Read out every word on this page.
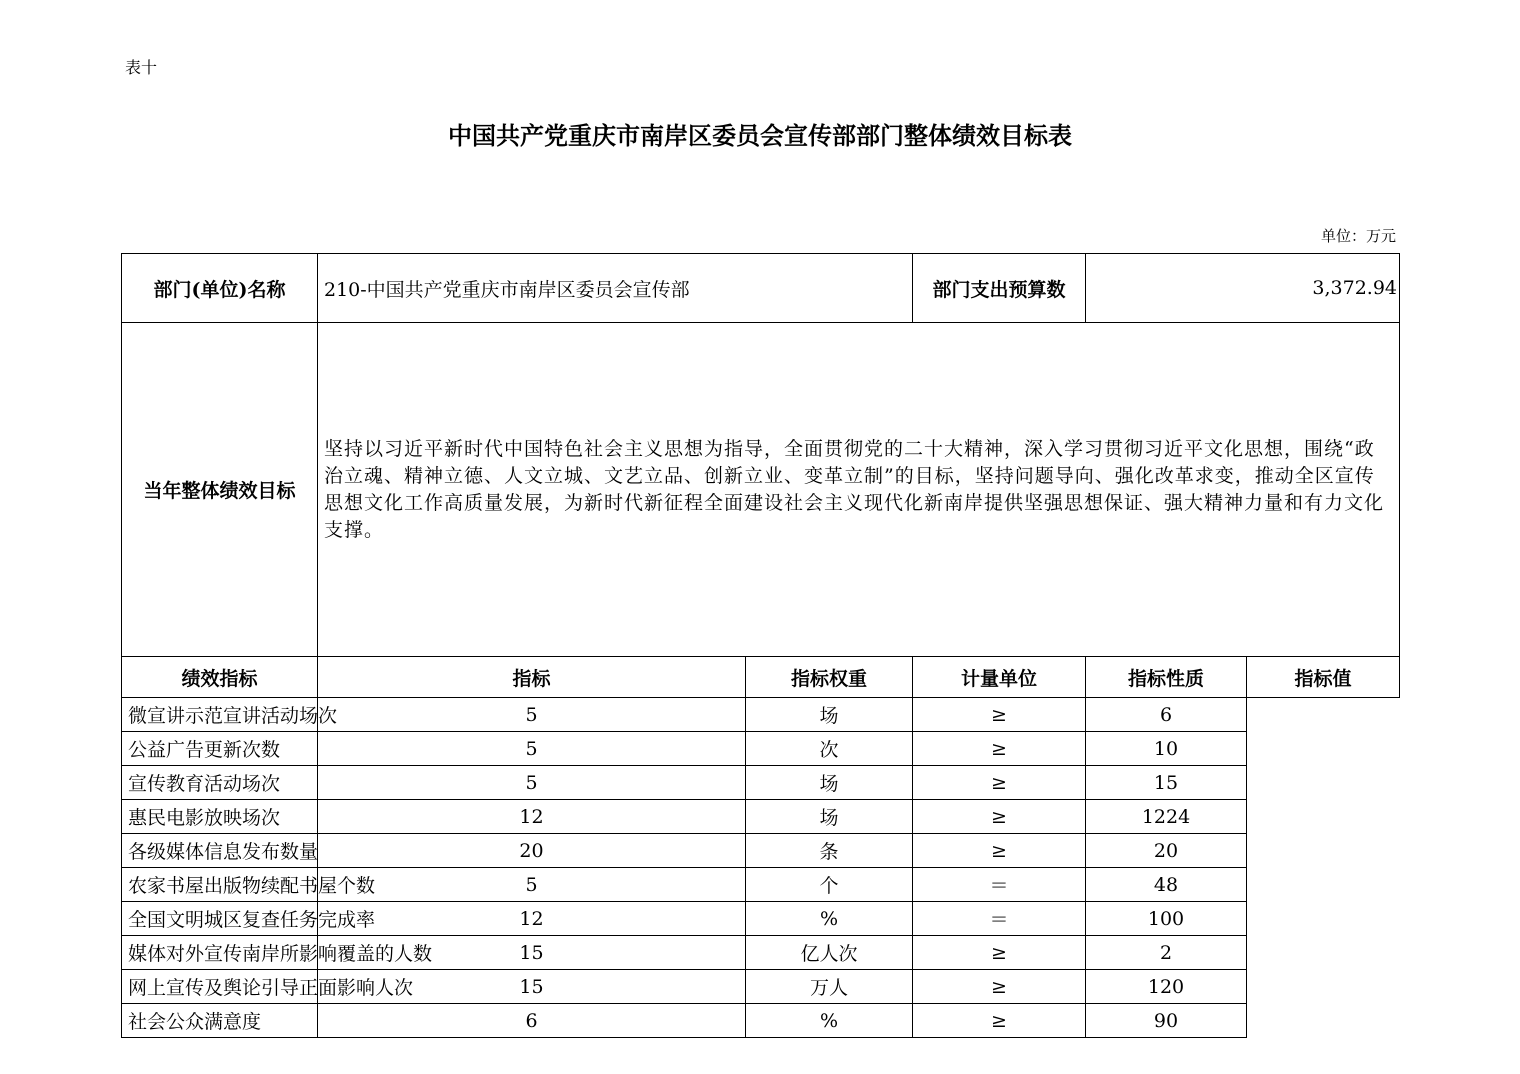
表十
中国共产党重庆市南岸区委员会宣传部部门整体绩效目标表
单位：万元
部门(单位)名称	210-中国共产党重庆市南岸区委员会宣传部		部门支出预算数	3,372.94	
当年整体绩效目标	坚持以习近平新时代中国特色社会主义思想为指导，全面贯彻党的二十大精神，深入学习贯彻习近平文化思想，围绕“政治立魂、精神立德、人文立城、文艺立品、创新立业、变革立制”的目标，坚持问题导向、强化改革求变，推动全区宣传思想文化工作高质量发展，为新时代新征程全面建设社会主义现代化新南岸提供坚强思想保证、强大精神力量和有力文化支撑。				
绩效指标	指标	指标权重	计量单位	指标性质	指标值
微宣讲示范宣讲活动场次	5	场	≥	6	
公益广告更新次数	5	次	≥	10	
宣传教育活动场次	5	场	≥	15	
惠民电影放映场次	12	场	≥	1224	
各级媒体信息发布数量	20	条	≥	20	
农家书屋出版物续配书屋个数	5	个	＝	48	
全国文明城区复查任务完成率	12	%	＝	100	
媒体对外宣传南岸所影响覆盖的人数	15	亿人次	≥	2	
网上宣传及舆论引导正面影响人次	15	万人	≥	120	
社会公众满意度	6	%	≥	90	
